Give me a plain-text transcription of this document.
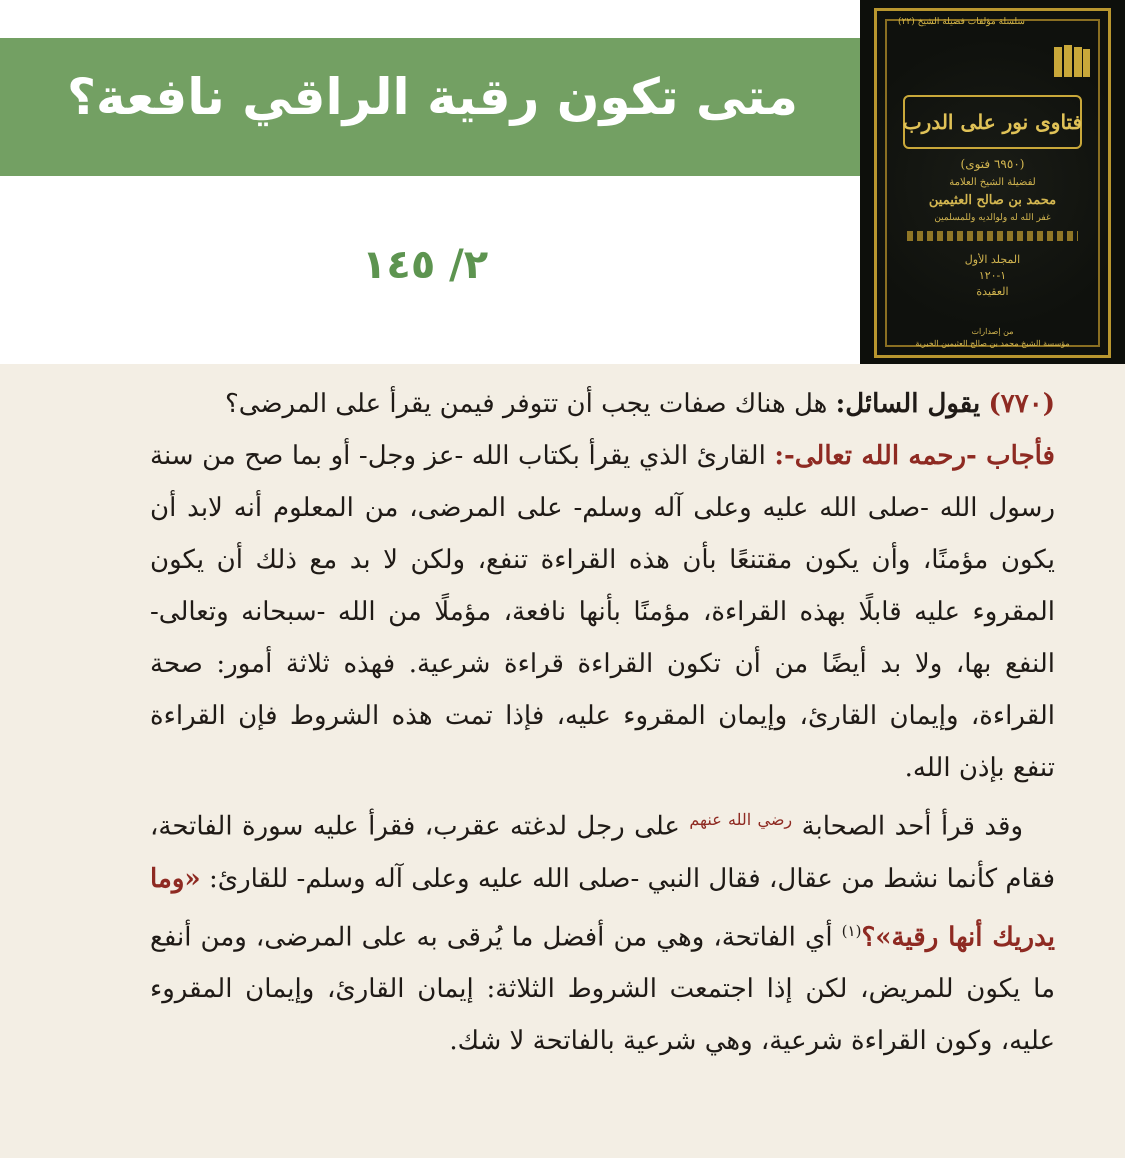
متى تكون رقية الراقي نافعة؟
٢/ ١٤٥
سلسلة مؤلفات فضيلة الشيخ (٢٢)
فتاوى نور على الدرب
(٦٩٥٠ فتوى)
لفضيلة الشيخ العلامة
محمد بن صالح العثيمين
غفر الله له ولوالديه وللمسلمين
المجلد الأول
١-١٢٠
العقيدة
من إصدارات
مؤسسة الشيخ محمد بن صالح العثيمين الخيرية

(٧٧٠) يقول السائل: هل هناك صفات يجب أن تتوفر فيمن يقرأ على المرضى؟

فأجاب -رحمه الله تعالى-: القارئ الذي يقرأ بكتاب الله -عز وجل- أو بما صح من سنة رسول الله -صلى الله عليه وعلى آله وسلم- على المرضى، من المعلوم أنه لابد أن يكون مؤمنًا، وأن يكون مقتنعًا بأن هذه القراءة تنفع، ولكن لا بد مع ذلك أن يكون المقروء عليه قابلًا بهذه القراءة، مؤمنًا بأنها نافعة، مؤملًا من الله -سبحانه وتعالى- النفع بها، ولا بد أيضًا من أن تكون القراءة قراءة شرعية. فهذه ثلاثة أمور: صحة القراءة، وإيمان القارئ، وإيمان المقروء عليه، فإذا تمت هذه الشروط فإن القراءة تنفع بإذن الله.

وقد قرأ أحد الصحابة $^{رضي الله عنهم}$ على رجل لدغته عقرب، فقرأ عليه سورة الفاتحة، فقام كأنما نشط من عقال، فقال النبي -صلى الله عليه وعلى آله وسلم- للقارئ: «وما يدريك أنها رقية»؟$^{(١)}$ أي الفاتحة، وهي من أفضل ما يُرقى به على المرضى، ومن أنفع ما يكون للمريض، لكن إذا اجتمعت الشروط الثلاثة: إيمان القارئ، وإيمان المقروء عليه، وكون القراءة شرعية، وهي شرعية بالفاتحة لا شك.
